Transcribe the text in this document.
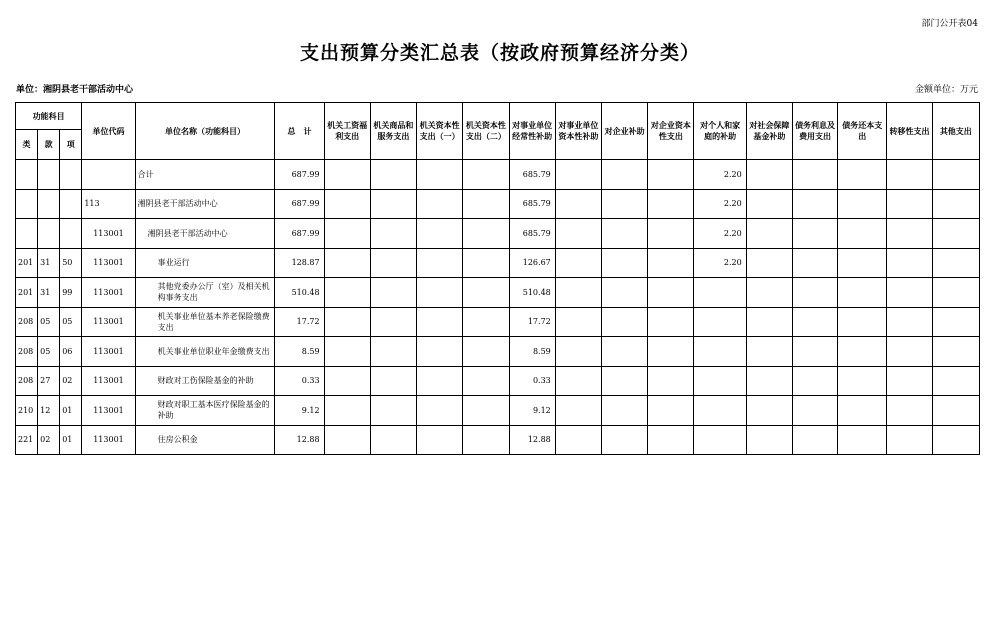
部门公开表04
支出预算分类汇总表（按政府预算经济分类）
单位：湘阴县老干部活动中心	金额单位：万元
功能科目			单位代码	单位名称（功能科目）	总　计	机关工资福利支出	机关商品和服务支出	机关资本性支出（一）	机关资本性支出（二）	对事业单位经常性补助	对事业单位资本性补助	对企业补助	对企业资本性支出	对个人和家庭的补助	对社会保障基金补助	债务利息及费用支出	债务还本支出	转移性支出	其他支出
类	款	项																	
				合计	687.99					685.79				2.20					
			113	湘阴县老干部活动中心	687.99					685.79				2.20					
			113001	湘阴县老干部活动中心	687.99					685.79				2.20					
201	31	50	113001	事业运行	128.87					126.67				2.20					
201	31	99	113001	其他党委办公厅（室）及相关机构事务支出	510.48					510.48									
208	05	05	113001	机关事业单位基本养老保险缴费支出	17.72					17.72									
208	05	06	113001	机关事业单位职业年金缴费支出	8.59					8.59									
208	27	02	113001	财政对工伤保险基金的补助	0.33					0.33									
210	12	01	113001	财政对职工基本医疗保险基金的补助	9.12					9.12									
221	02	01	113001	住房公积金	12.88					12.88									
